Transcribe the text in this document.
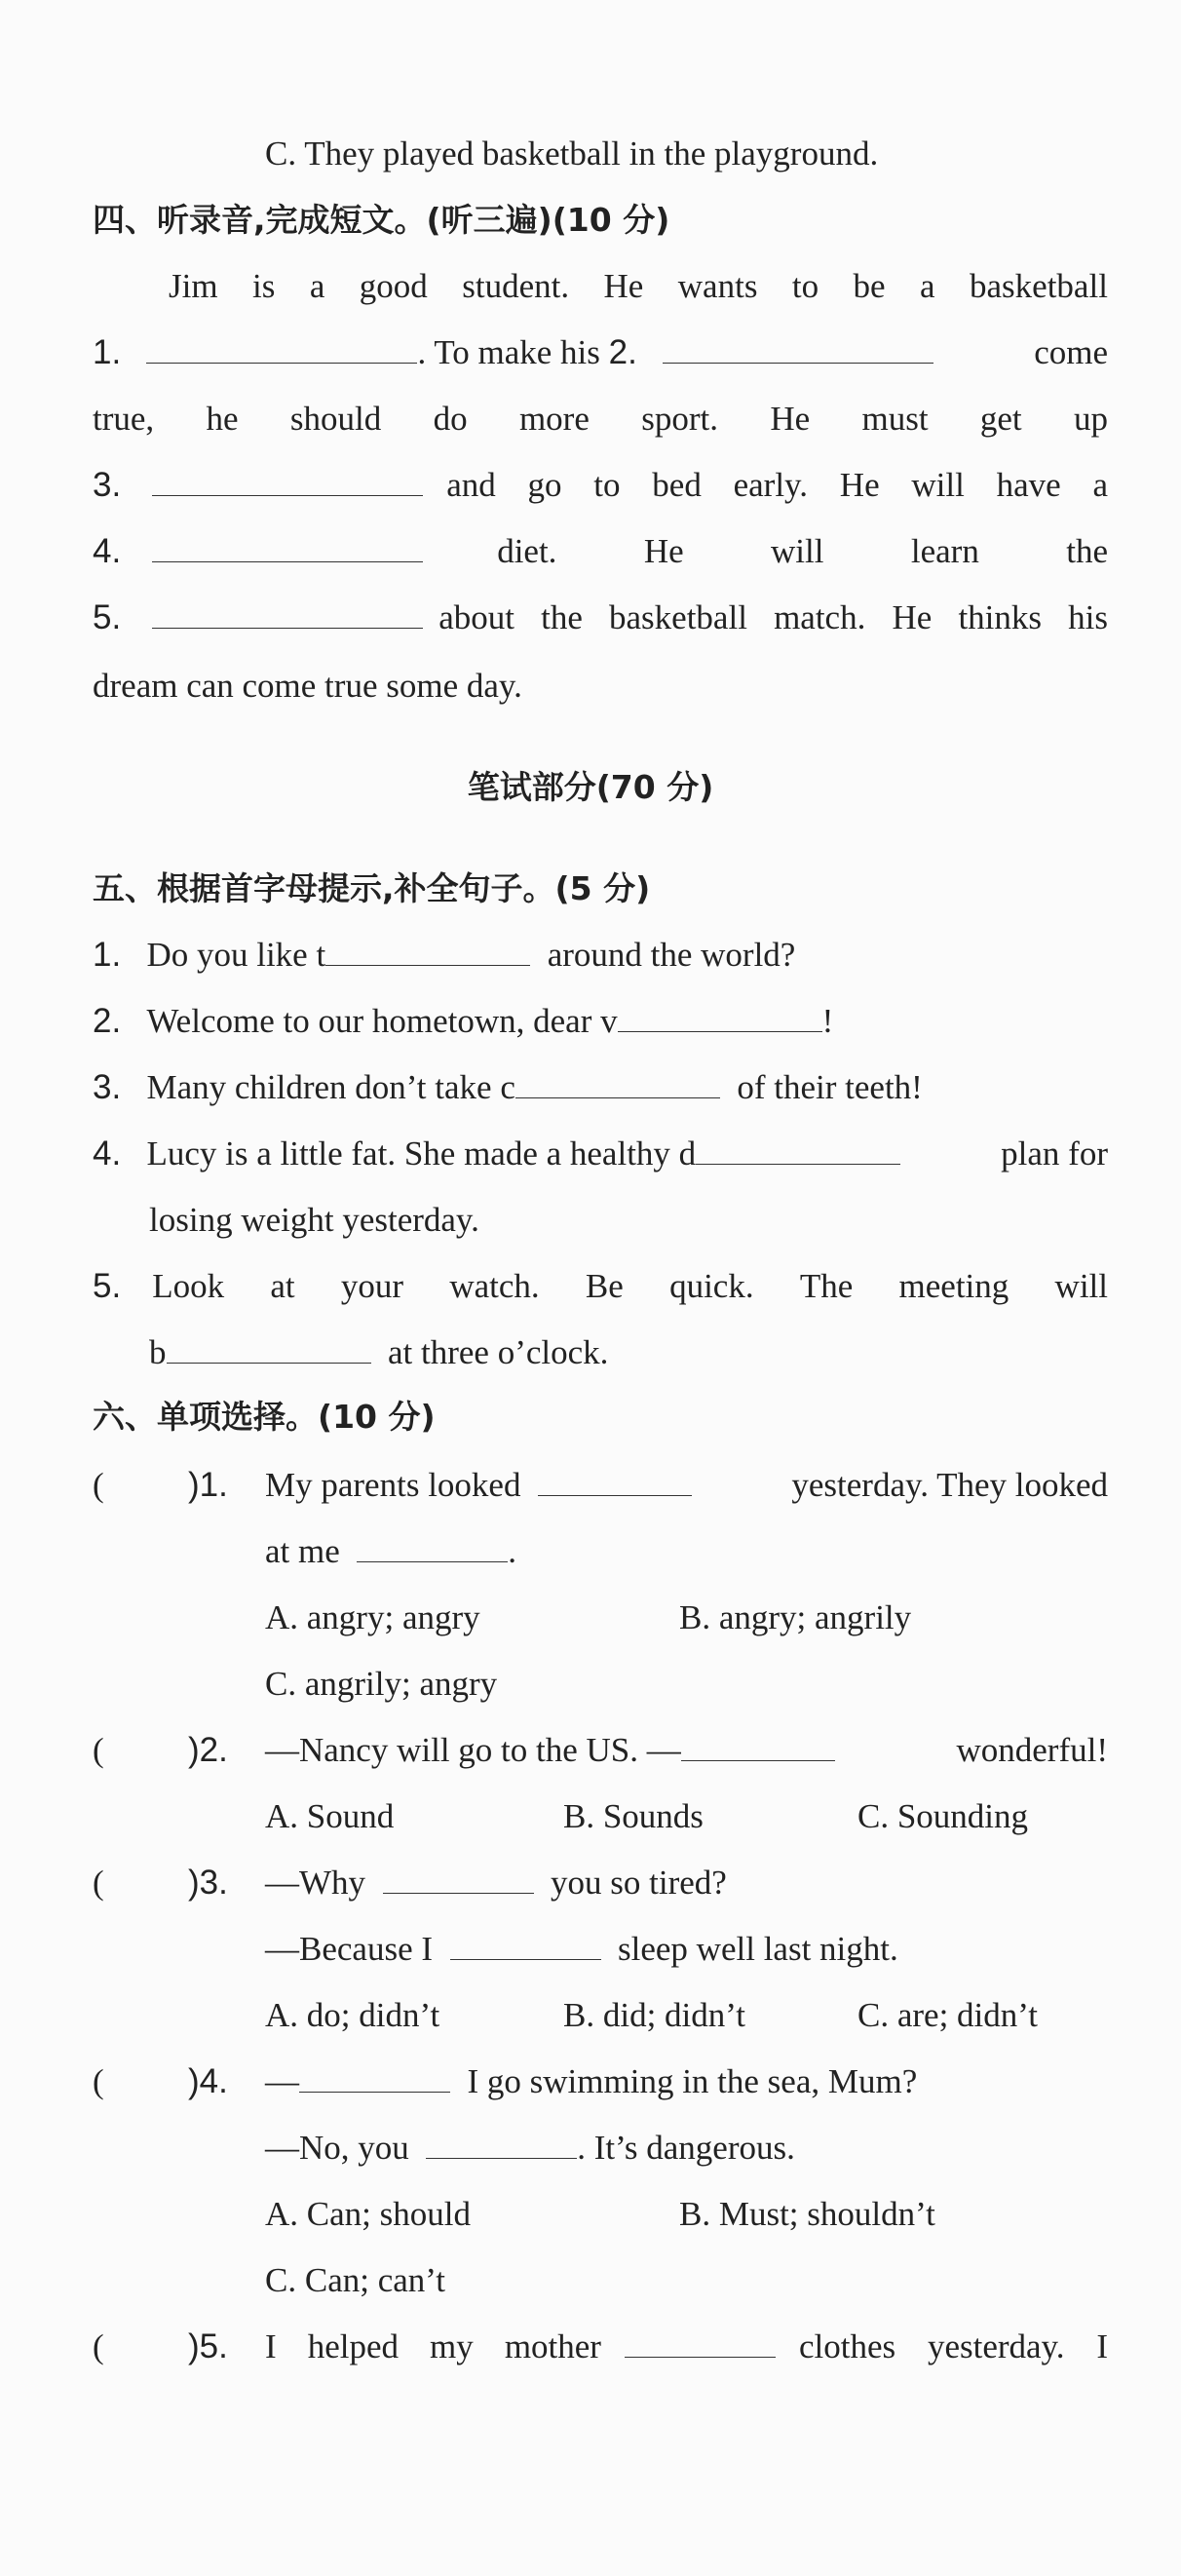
C. They played basketball in the playground.
四、听录音,完成短文。(听三遍)(10 分)
Jim is a good student. He wants to be a basketball
1.	. To make his 2.	come
true, he should do more sport. He must get up
3.	and go to bed early. He will have a
4.	diet.	He	will	learn	the
5.	about the basketball match. He thinks his
dream can come true some day.
笔试部分(70 分)
五、根据首字母提示,补全句子。(5 分)
1. Do you like t	around the world?
2. Welcome to our hometown, dear v	!
3. Many children don’t take c	of their teeth!
4. Lucy is a little fat. She made a healthy d	plan for
losing weight yesterday.
5. Look at your watch. Be quick. The meeting will
b	at three o’clock.
六、单项选择。(10 分)
( )1. My parents looked	yesterday. They looked
at me	.
A. angry; angry	B. angry; angrily
C. angrily; angry
( )2. —Nancy will go to the US. —	wonderful!
A. Sound	B. Sounds	C. Sounding
( )3. —Why	you so tired?
—Because I	sleep well last night.
A. do; didn’t	B. did; didn’t	C. are; didn’t
( )4. —	I go swimming in the sea, Mum?
—No, you	. It’s dangerous.
A. Can; should	B. Must; shouldn’t
C. Can; can’t
( )5. I helped my mother	clothes yesterday. I
